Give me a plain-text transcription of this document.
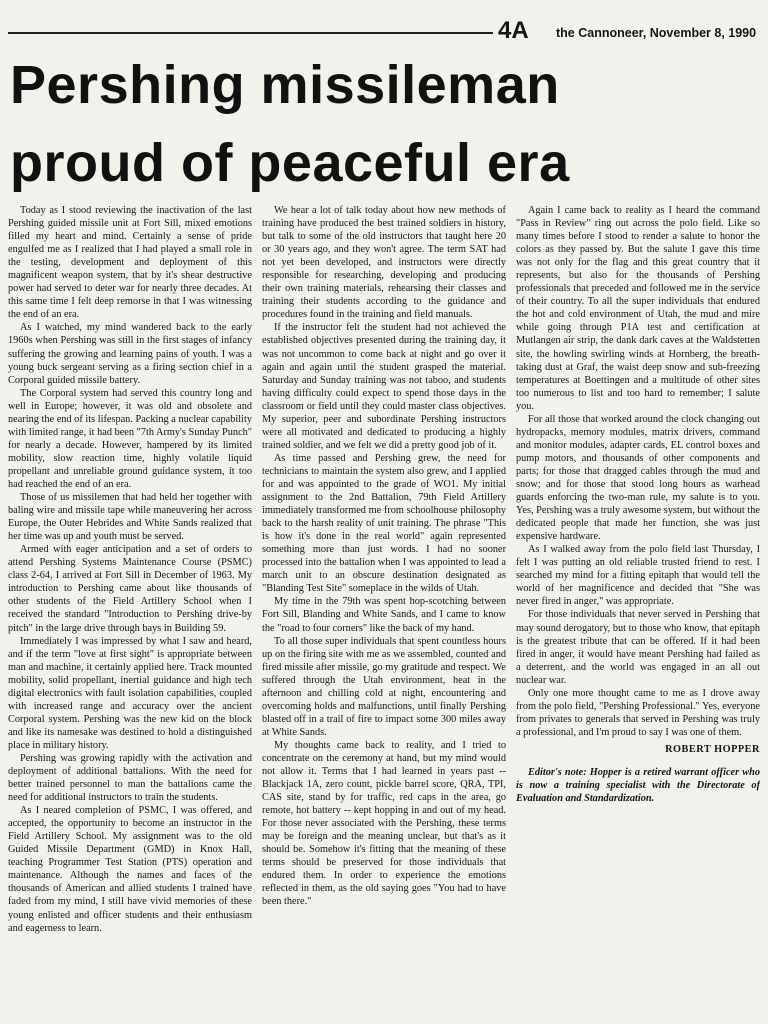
4A the Cannoneer, November 8, 1990
Pershing missileman
proud of peaceful era

Today as I stood reviewing the inactivation of the last Pershing guided missile unit at Fort Sill, mixed emotions filled my heart and mind. Certainly a sense of pride engulfed me as I realized that I had played a small role in the testing, development and deployment of this magnificent weapon system, that by it's shear destructive power had served to deter war for nearly three decades. At this same time I felt deep remorse in that I was witnessing the end of an era.

As I watched, my mind wandered back to the early 1960s when Pershing was still in the first stages of infancy suffering the growing and learning pains of youth. I was a young buck sergeant serving as a firing section chief in a Corporal guided missile battery.

The Corporal system had served this country long and well in Europe; however, it was old and obsolete and nearing the end of its lifespan. Packing a nuclear capability with limited range, it had been "7th Army's Sunday Punch" for nearly a decade. However, hampered by its limited mobility, slow reaction time, highly volatile liquid propellant and unreliable ground guidance system, it too had reached the end of an era.

Those of us missilemen that had held her together with baling wire and missile tape while maneuvering her across Europe, the Outer Hebrides and White Sands realized that her time was up and youth must be served.

Armed with eager anticipation and a set of orders to attend Pershing Systems Maintenance Course (PSMC) class 2-64, I arrived at Fort Sill in December of 1963. My introduction to Pershing came about like thousands of other students of the Field Artillery School when I received the standard "Introduction to Pershing drive-by pitch" in the large drive through bays in Building 59.

Immediately I was impressed by what I saw and heard, and if the term "love at first sight" is appropriate between man and machine, it certainly applied here. Track mounted mobility, solid propellant, inertial guidance and high tech digital electronics with fault isolation capabilities, coupled with increased range and accuracy over the ancient Corporal system. Pershing was the new kid on the block and like its namesake was destined to hold a distinguished place in military history.

Pershing was growing rapidly with the activation and deployment of additional battalions. With the need for better trained personnel to man the battalions came the need for additional instructors to train the students.

As I neared completion of PSMC, I was offered, and accepted, the opportunity to become an instructor in the Field Artillery School. My assignment was to the old Guided Missile Department (GMD) in Knox Hall, teaching Programmer Test Station (PTS) operation and maintenance. Although the names and faces of the thousands of American and allied students I trained have faded from my mind, I still have vivid memories of these young enlisted and officer students and their enthusiasm and eagerness to learn.

We hear a lot of talk today about how new methods of training have produced the best trained soldiers in history, but talk to some of the old instructors that taught here 20 or 30 years ago, and they won't agree. The term SAT had not yet been developed, and instructors were directly responsible for researching, developing and producing their own training materials, rehearsing their classes and training their students according to the guidance and procedures found in the training and field manuals.

If the instructor felt the student had not achieved the established objectives presented during the training day, it was not uncommon to come back at night and go over it again and again until the student grasped the material. Saturday and Sunday training was not taboo, and students having difficulty could expect to spend those days in the classroom or field until they could master class objectives. My superior, peer and subordinate Pershing instructors were all motivated and dedicated to producing a highly trained soldier, and we felt we did a pretty good job of it.

As time passed and Pershing grew, the need for technicians to maintain the system also grew, and I applied for and was appointed to the grade of WO1. My initial assignment to the 2nd Battalion, 79th Field Artillery immediately transformed me from schoolhouse philosophy back to the harsh reality of unit training. The phrase "This is how it's done in the real world" again represented something more than just words. I had no sooner processed into the battalion when I was appointed to lead a march unit to an obscure destination designated as "Blanding Test Site" someplace in the wilds of Utah.

My time in the 79th was spent hop-scotching between Fort Sill, Blanding and White Sands, and I came to know the "road to four corners" like the back of my hand.

To all those super individuals that spent countless hours up on the firing site with me as we assembled, counted and fired missile after missile, go my gratitude and respect. We suffered through the Utah environment, heat in the afternoon and chilling cold at night, encountering and overcoming holds and malfunctions, until finally Pershing blasted off in a trail of fire to impact some 300 miles away at White Sands.

My thoughts came back to reality, and I tried to concentrate on the ceremony at hand, but my mind would not allow it. Terms that I had learned in years past -- Blackjack 1A, zero count, pickle barrel score, QRA, TPI, CAS site, stand by for traffic, red caps in the area, go remote, hot battery -- kept hopping in and out of my head. For those never associated with the Pershing, these terms may be foreign and the meaning unclear, but that's as it should be. Somehow it's fitting that the meaning of these terms should be preserved for those individuals that endured them. In order to experience the emotions reflected in them, as the old saying goes "You had to have been there."

Again I came back to reality as I heard the command "Pass in Review" ring out across the polo field. Like so many times before I stood to render a salute to honor the colors as they passed by. But the salute I gave this time was not only for the flag and this great country that it represents, but also for the thousands of Pershing professionals that preceded and followed me in the service of their country. To all the super individuals that endured the hot and cold environment of Utah, the mud and mire while going through P1A test and certification at Mutlangen air strip, the dank dark caves at the Waldstetten site, the howling swirling winds at Hornberg, the breath-taking dust at Graf, the waist deep snow and sub-freezing temperatures at Boettingen and a multitude of other sites too numerous to list and too hard to remember; I salute you.

For all those that worked around the clock changing out hydropacks, memory modules, matrix drivers, command and monitor modules, adapter cards, EL control boxes and pump motors, and thousands of other components and parts; for those that dragged cables through the mud and snow; and for those that stood long hours as warhead guards enforcing the two-man rule, my salute is to you. Yes, Pershing was a truly awesome system, but without the dedicated people that made her function, she was just expensive hardware.

As I walked away from the polo field last Thursday, I felt I was putting an old reliable trusted friend to rest. I searched my mind for a fitting epitaph that would tell the world of her magnificence and decided that "She was never fired in anger," was appropriate.

For those individuals that never served in Pershing that may sound derogatory, but to those who know, that epitaph is the greatest tribute that can be offered. If it had been fired in anger, it would have meant Pershing had failed as a deterrent, and the world was engaged in an all out nuclear war.

Only one more thought came to me as I drove away from the polo field, "Pershing Professional." Yes, everyone from privates to generals that served in Pershing was truly a professional, and I'm proud to say I was one of them.

ROBERT HOPPER

Editor's note: Hopper is a retired warrant officer who is now a training specialist with the Directorate of Evaluation and Standardization.
